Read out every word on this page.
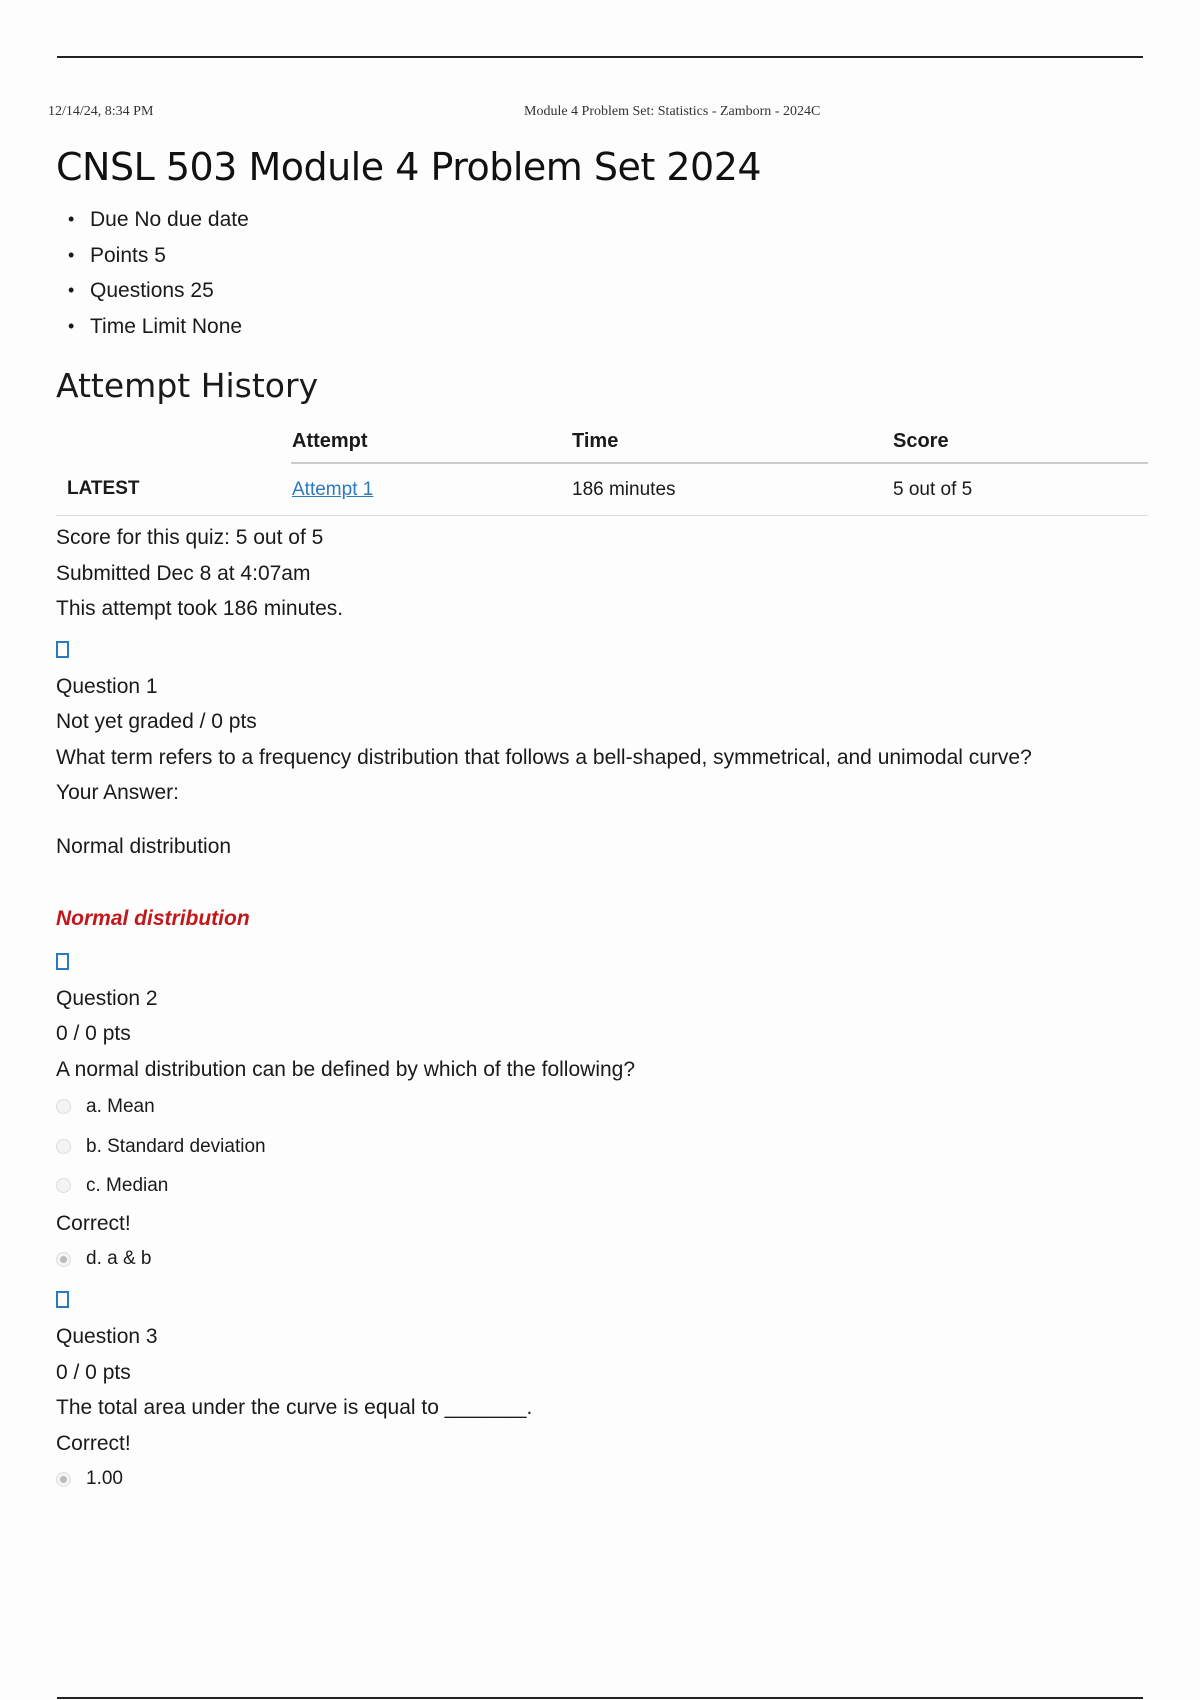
12/14/24, 8:34 PM	Module 4 Problem Set: Statistics - Zamborn - 2024C
CNSL 503 Module 4 Problem Set 2024
• Due No due date
• Points 5
• Questions 25
• Time Limit None
Attempt History
	Attempt	Time	Score
LATEST	Attempt 1	186 minutes	5 out of 5
Score for this quiz: 5 out of 5
Submitted Dec 8 at 4:07am
This attempt took 186 minutes.
Question 1
Not yet graded / 0 pts
What term refers to a frequency distribution that follows a bell-shaped, symmetrical, and unimodal curve?
Your Answer:
Normal distribution
Normal distribution
Question 2
0 / 0 pts
A normal distribution can be defined by which of the following?
a. Mean
b. Standard deviation
c. Median
Correct!
d. a & b
Question 3
0 / 0 pts
The total area under the curve is equal to _______.
Correct!
1.00
